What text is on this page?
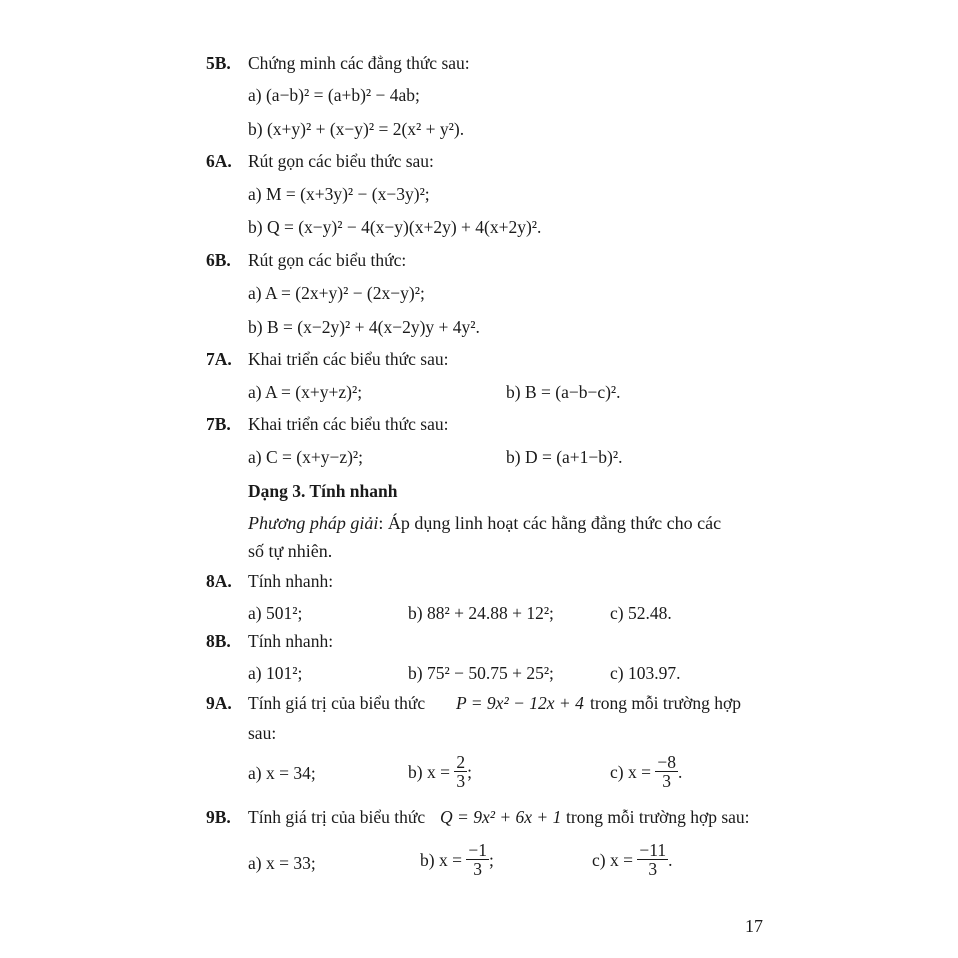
5B. Chứng minh các đẳng thức sau:
a) (a−b)² = (a+b)² − 4ab;
b) (x+y)² + (x−y)² = 2(x² + y²).
6A. Rút gọn các biểu thức sau:
a) M = (x+3y)² − (x−3y)²;
b) Q = (x−y)² − 4(x−y)(x+2y) + 4(x+2y)².
6B. Rút gọn các biểu thức:
a) A = (2x+y)² − (2x−y)²;
b) B = (x−2y)² + 4(x−2y)y + 4y².
7A. Khai triển các biểu thức sau:
a) A = (x+y+z)²;	b) B = (a−b−c)².
7B. Khai triển các biểu thức sau:
a) C = (x+y−z)²;	b) D = (a+1−b)².
Dạng 3. Tính nhanh
Phương pháp giải: Áp dụng linh hoạt các hằng đẳng thức cho các
số tự nhiên.
8A. Tính nhanh:
a) 501²;	b) 88² + 24.88 + 12²;	c) 52.48.
8B. Tính nhanh:
a) 101²;	b) 75² − 50.75 + 25²;	c) 103.97.
9A. Tính giá trị của biểu thức P = 9x² − 12x + 4 trong mỗi trường hợp
sau:
a) x = 34;	b) $x = \frac{2}{3}$ ;	c) $x = \frac{-8}{3}$ .
9B. Tính giá trị của biểu thức Q = 9x² + 6x + 1 trong mỗi trường hợp sau:
a) x = 33;	b) $x = \frac{-1}{3}$ ;	c) $x = \frac{-11}{3}$ .
17
